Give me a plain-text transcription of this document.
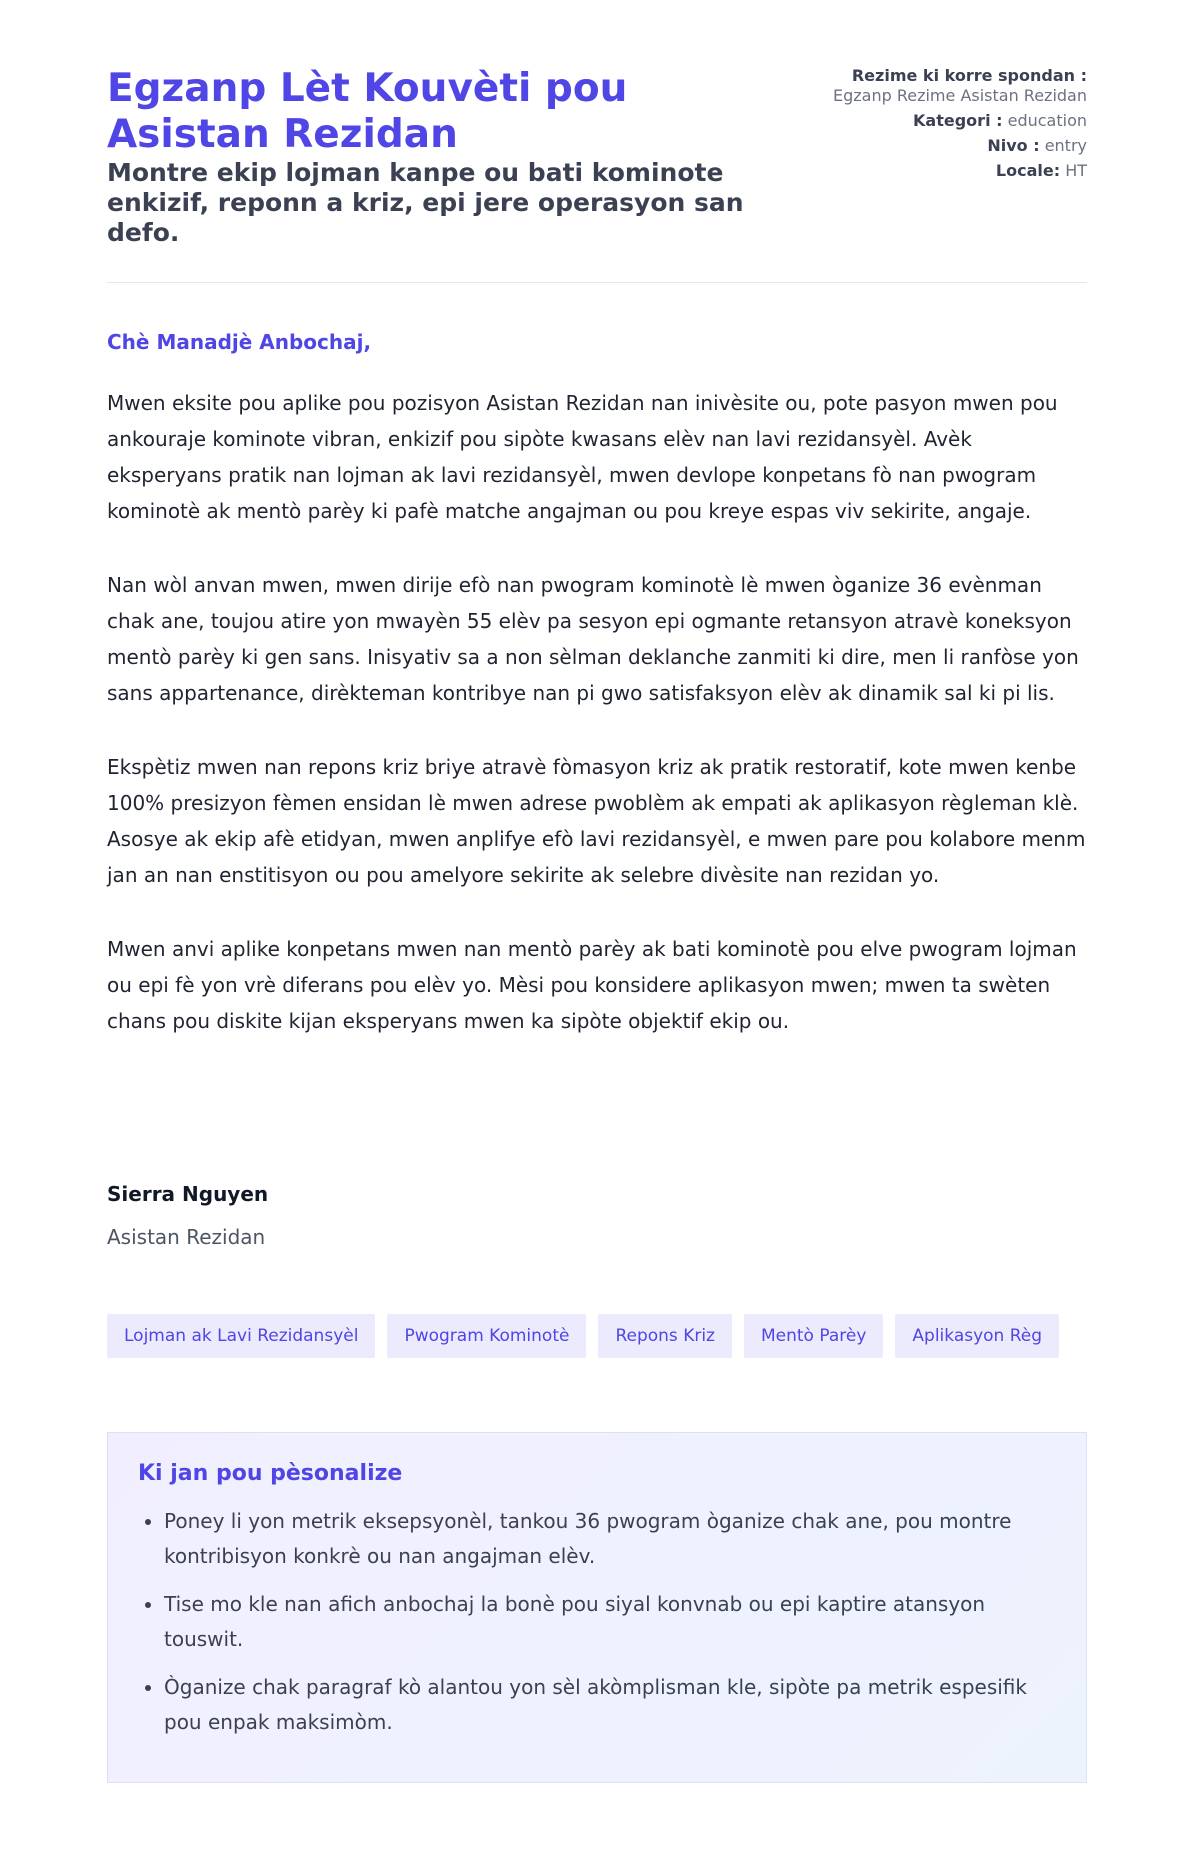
Egzanp Lèt Kouvèti pou Asistan Rezidan
Montre ekip lojman kanpe ou bati kominote enkizif, reponn a kriz, epi jere operasyon san defo.
Rezime ki korre spondan :
Egzanp Rezime Asistan Rezidan
Kategori : education
Nivo : entry
Locale: HT
Chè Manadjè Anbochaj,

Mwen eksite pou aplike pou pozisyon Asistan Rezidan nan inivèsite ou, pote pasyon mwen pou ankouraje kominote vibran, enkizif pou sipòte kwasans elèv nan lavi rezidansyèl. Avèk eksperyans pratik nan lojman ak lavi rezidansyèl, mwen devlope konpetans fò nan pwogram kominotè ak mentò parèy ki pafè matche angajman ou pou kreye espas viv sekirite, angaje.

Nan wòl anvan mwen, mwen dirije efò nan pwogram kominotè lè mwen òganize 36 evènman chak ane, toujou atire yon mwayèn 55 elèv pa sesyon epi ogmante retansyon atravè koneksyon mentò parèy ki gen sans. Inisyativ sa a non sèlman deklanche zanmiti ki dire, men li ranfòse yon sans appartenance, dirèkteman kontribye nan pi gwo satisfaksyon elèv ak dinamik sal ki pi lis.

Ekspètiz mwen nan repons kriz briye atravè fòmasyon kriz ak pratik restoratif, kote mwen kenbe 100% presizyon fèmen ensidan lè mwen adrese pwoblèm ak empati ak aplikasyon règleman klè. Asosye ak ekip afè etidyan, mwen anplifye efò lavi rezidansyèl, e mwen pare pou kolabore menm jan an nan enstitisyon ou pou amelyore sekirite ak selebre divèsite nan rezidan yo.

Mwen anvi aplike konpetans mwen nan mentò parèy ak bati kominotè pou elve pwogram lojman ou epi fè yon vrè diferans pou elèv yo. Mèsi pou konsidere aplikasyon mwen; mwen ta swèten chans pou diskite kijan eksperyans mwen ka sipòte objektif ekip ou.

Sierra Nguyen
Asistan Rezidan
Lojman ak Lavi Rezidansyèl	Pwogram Kominotè	Repons Kriz	Mentò Parèy	Aplikasyon Règ
Ki jan pou pèsonalize
• Poney li yon metrik eksepsyonèl, tankou 36 pwogram òganize chak ane, pou montre kontribisyon konkrè ou nan angajman elèv.
• Tise mo kle nan afich anbochaj la bonè pou siyal konvnab ou epi kaptire atansyon touswit.
• Òganize chak paragraf kò alantou yon sèl akòmplisman kle, sipòte pa metrik espesifik pou enpak maksimòm.
